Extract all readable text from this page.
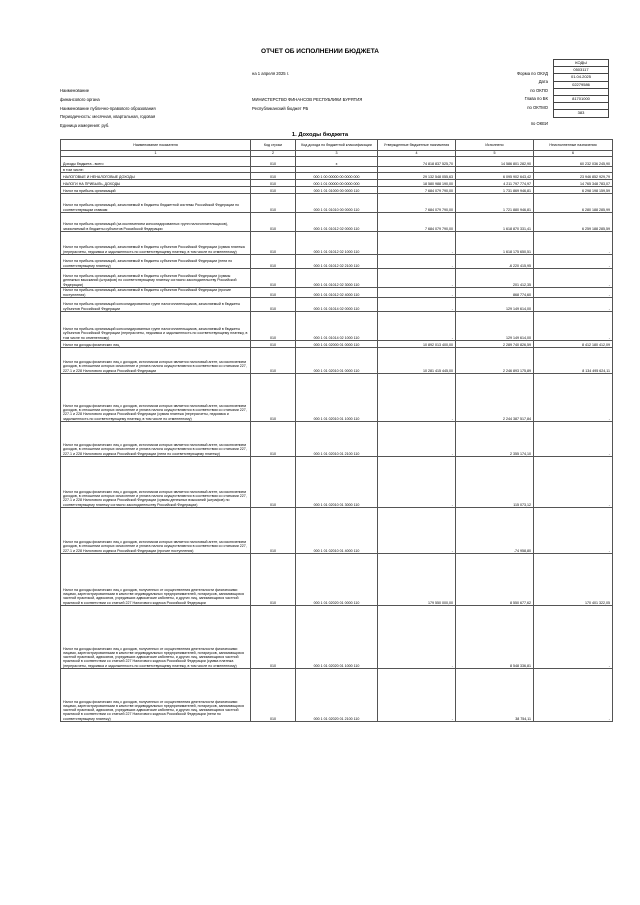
ОТЧЕТ ОБ ИСПОЛНЕНИИ БЮДЖЕТА
на 1 апреля 2025 г.
Наименование
финансового органа	МИНИСТЕРСТВО ФИНАНСОВ РЕСПУБЛИКИ БУРЯТИЯ
Наименование публично-правового образования	Республиканский бюджет РБ
Периодичность: месячная, квартальная, годовая
Единица измерения: руб.
Форма по ОКУД
Дата
по ОКПО
Глава по БК
по ОКТМО
по ОКЕИ
КОДЫ
0503117
01.04.2025
02279586

81701000

383
1. Доходы бюджета
Наименование показателя	Код строки	Код дохода по бюджетной классификации	Утвержденные бюджетные назначения	Исполнено	Неисполненные назначения
1	2	3	4	5	6
Доходы бюджета - всего	010	x	74 818 837 525,70	14 586 801 282,90	60 232 036 245,90
в том числе:					
НАЛОГОВЫЕ И НЕНАЛОГОВЫЕ ДОХОДЫ	010	000 1 00 00000 00 0000 000	29 132 548 055,63	6 095 902 643,42	23 946 852 929,79
НАЛОГИ НА ПРИБЫЛЬ, ДОХОДЫ	010	000 1 01 00000 00 0000 000	18 580 988 190,00	4 211 797 774,97	14 765 348 783,07
Налог на прибыль организаций	010	000 1 01 01000 00 0000 110	7 684 079 790,00	1 731 869 946,81	6 298 198 159,59
Налог на прибыль организаций, зачисляемый в бюджеты бюджетной системы Российской Федерации по соответствующим ставкам	010	000 1 01 01010 00 0000 110	7 684 079 790,00	1 721 880 946,81	6 280 188 285,99
Налог на прибыль организаций (за исключением консолидированных групп налогоплательщиков), зачисляемый в бюджеты субъектов Российской Федерации	010	000 1 01 01012 02 0000 110	7 684 079 790,00	1 618 870 331,41	6 259 188 285,59
Налог на прибыль организаций, зачисляемый в бюджеты субъектов Российской Федерации (сумма платежа (перерасчеты, недоимка и задолженность по соответствующему платежу, в том числе по отмененному)	010	000 1 01 01012 02 1000 110	-	1 618 175 650,51	-
Налог на прибыль организаций, зачисляемый в бюджеты субъектов Российской Федерации (пени по соответствующему платежу)	010	000 1 01 01012 02 2100 110	-	-6 220 415,95	-
Налог на прибыль организаций, зачисляемый в бюджеты субъектов Российской Федерации (суммы денежных взысканий (штрафов) по соответствующему платежу согласно законодательству Российской Федерации)	010	000 1 01 01012 02 3000 110	-	201 412,35	-
Налог на прибыль организаций, зачисляемый в бюджеты субъектов Российской Федерации (прочие поступления)	010	000 1 01 01012 02 4000 110	-	868 774,60	-
Налог на прибыль организаций консолидированных групп налогоплательщиков, зачисляемый в бюджеты субъектов Российской Федерации	010	000 1 01 01014 02 0000 110	-	129 149 614,00	-
Налог на прибыль организаций консолидированных групп налогоплательщиков, зачисляемый в бюджеты субъектов Российской Федерации (перерасчеты, недоимка и задолженность по соответствующему платежу, в том числе по отмененному)	010	000 1 01 01014 02 1000 110	-	129 149 614,00	-
Налог на доходы физических лиц	010	000 1 01 02000 01 0000 110	10 892 013 400,00	2 289 740 826,59	8 412 180 412,09
Налог на доходы физических лиц с доходов, источником которых является налоговый агент, за исключением доходов, в отношении которых исчисление и уплата налога осуществляются в соответствии со статьями 227, 227.1 и 228 Налогового кодекса Российской Федерации	010	000 1 01 02010 01 0000 110	10 281 415 445,00	2 246 893 175,89	8 134 495 624,11
Налог на доходы физических лиц с доходов, источником которых является налоговый агент, за исключением доходов, в отношении которых исчисление и уплата налога осуществляются в соответствии со статьями 227, 227.1 и 228 Налогового кодекса Российской Федерации (сумма платежа (перерасчеты, недоимка и задолженность по соответствующему платежу, в том числе по отмененному)	010	000 1 01 02010 01 1000 110	-	2 244 387 517,84	-
Налог на доходы физических лиц с доходов, источником которых является налоговый агент, за исключением доходов, в отношении которых исчисление и уплата налога осуществляются в соответствии со статьями 227, 227.1 и 228 Налогового кодекса Российской Федерации (пени по соответствующему платежу)	010	000 1 01 02010 01 2100 110	-	2 355 174,10	-
Налог на доходы физических лиц с доходов, источником которых является налоговый агент, за исключением доходов, в отношении которых исчисление и уплата налога осуществляются в соответствии со статьями 227, 227.1 и 228 Налогового кодекса Российской Федерации (суммы денежных взысканий (штрафов) по соответствующему платежу согласно законодательству Российской Федерации)	010	000 1 01 02010 01 3000 110	-	115 073,12	-
Налог на доходы физических лиц с доходов, источником которых является налоговый агент, за исключением доходов, в отношении которых исчисление и уплата налога осуществляются в соответствии со статьями 227, 227.1 и 228 Налогового кодекса Российской Федерации (прочие поступления)	010	000 1 01 02010 01 4000 110	-	-74 958,80	-
Налог на доходы физических лиц с доходов, полученных от осуществления деятельности физическими лицами, зарегистрированными в качестве индивидуальных предпринимателей, нотариусов, занимающихся частной практикой, адвокатов, учредивших адвокатские кабинеты, и других лиц, занимающихся частной практикой в соответствии со статьей 227 Налогового кодекса Российской Федерации	010	000 1 01 02020 01 0000 110	179 550 000,00	8 550 677,62	170 401 322,05
Налог на доходы физических лиц с доходов, полученных от осуществления деятельности физическими лицами, зарегистрированными в качестве индивидуальных предпринимателей, нотариусов, занимающихся частной практикой, адвокатов, учредивших адвокатские кабинеты, и других лиц, занимающихся частной практикой в соответствии со статьей 227 Налогового кодекса Российской Федерации (сумма платежа (перерасчеты, недоимка и задолженность по соответствующему платежу, в том числе по отмененному)	010	000 1 01 02020 01 1000 110	-	8 548 336,81	-
Налог на доходы физических лиц с доходов, полученных от осуществления деятельности физическими лицами, зарегистрированными в качестве индивидуальных предпринимателей, нотариусов, занимающихся частной практикой, адвокатов, учредивших адвокатские кабинеты, и других лиц, занимающихся частной практикой в соответствии со статьей 227 Налогового кодекса Российской Федерации (пени по соответствующему платежу)	010	000 1 01 02020 01 2100 110	-	38 754,11	-
